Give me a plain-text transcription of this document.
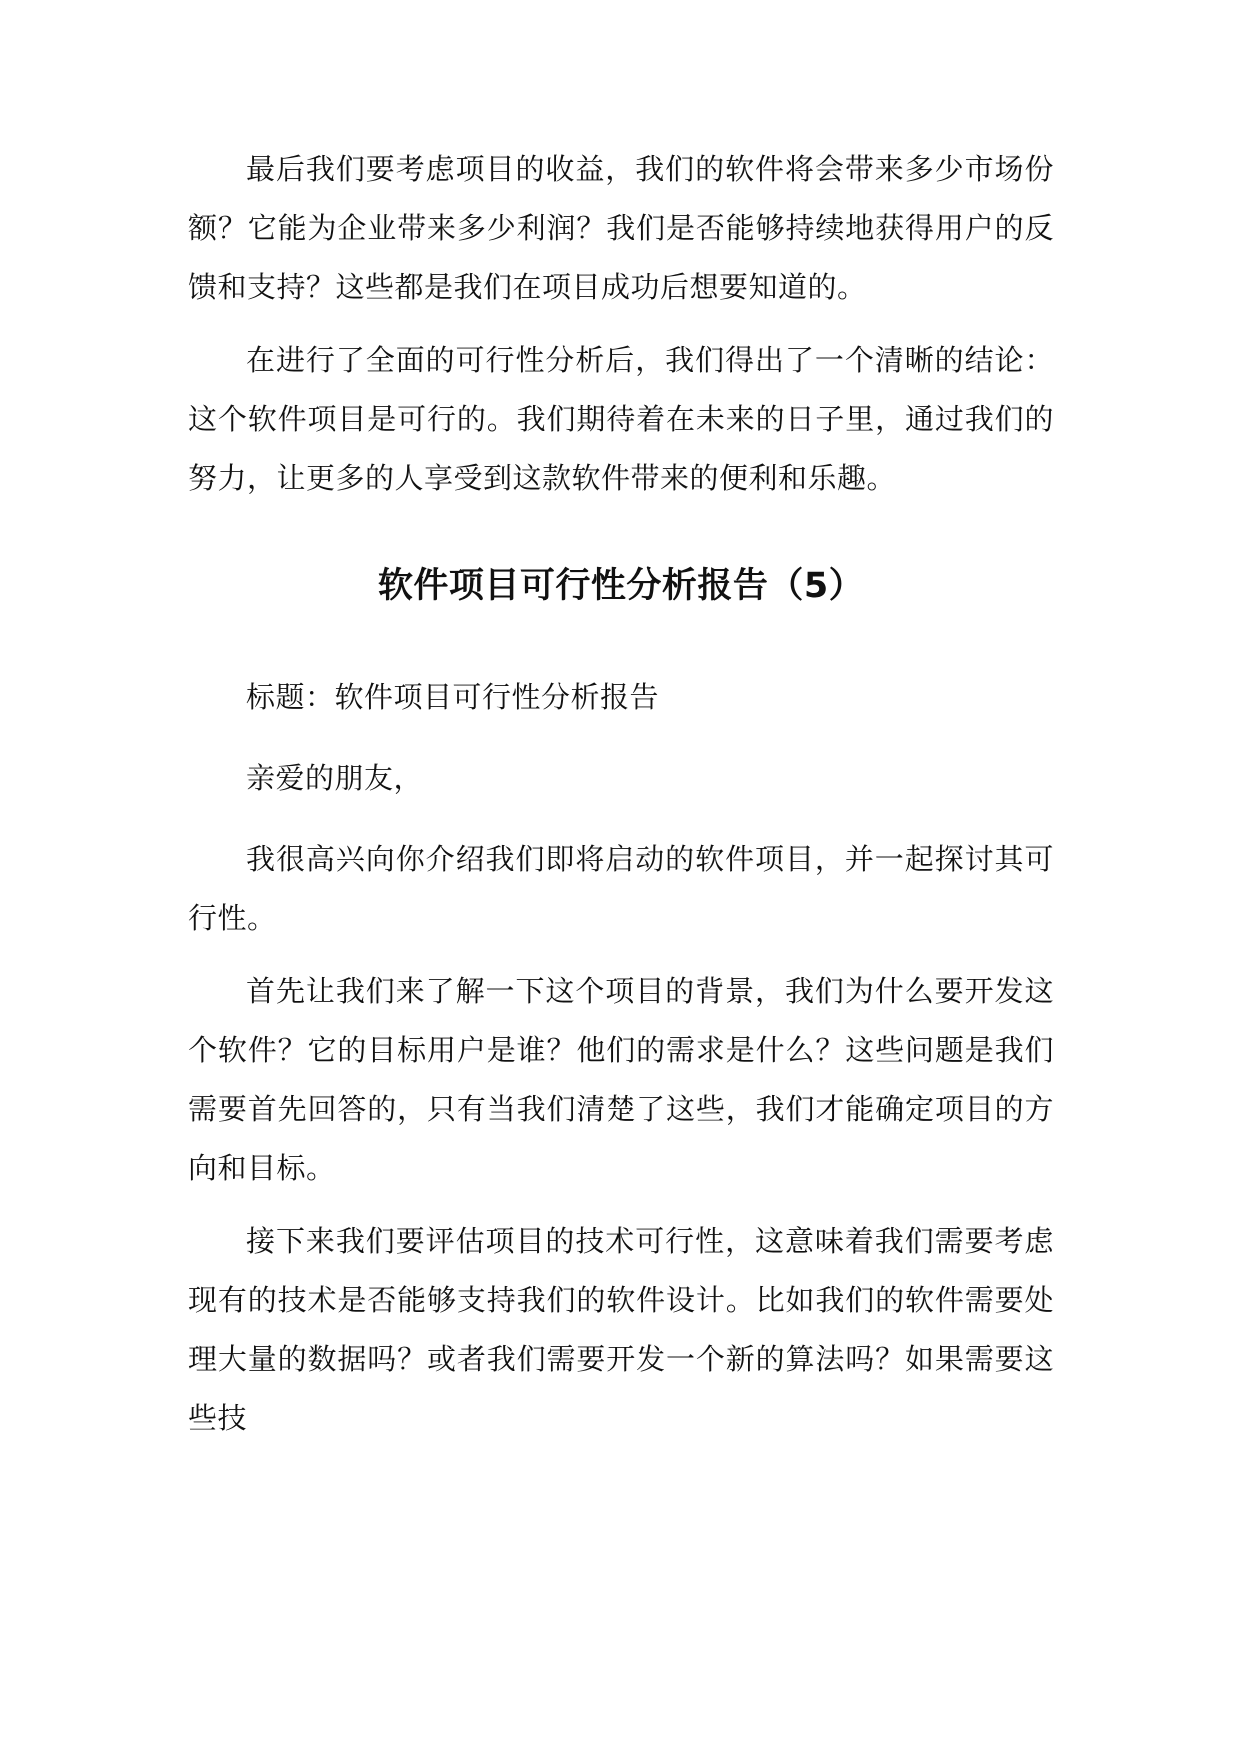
最后我们要考虑项目的收益，我们的软件将会带来多少市场份额？它能为企业带来多少利润？我们是否能够持续地获得用户的反馈和支持？这些都是我们在项目成功后想要知道的。

在进行了全面的可行性分析后，我们得出了一个清晰的结论：这个软件项目是可行的。我们期待着在未来的日子里，通过我们的努力，让更多的人享受到这款软件带来的便利和乐趣。

软件项目可行性分析报告（5）

标题：软件项目可行性分析报告

亲爱的朋友，

我很高兴向你介绍我们即将启动的软件项目，并一起探讨其可行性。

首先让我们来了解一下这个项目的背景，我们为什么要开发这个软件？它的目标用户是谁？他们的需求是什么？这些问题是我们需要首先回答的，只有当我们清楚了这些，我们才能确定项目的方向和目标。

接下来我们要评估项目的技术可行性，这意味着我们需要考虑现有的技术是否能够支持我们的软件设计。比如我们的软件需要处理大量的数据吗？或者我们需要开发一个新的算法吗？如果需要这些技
